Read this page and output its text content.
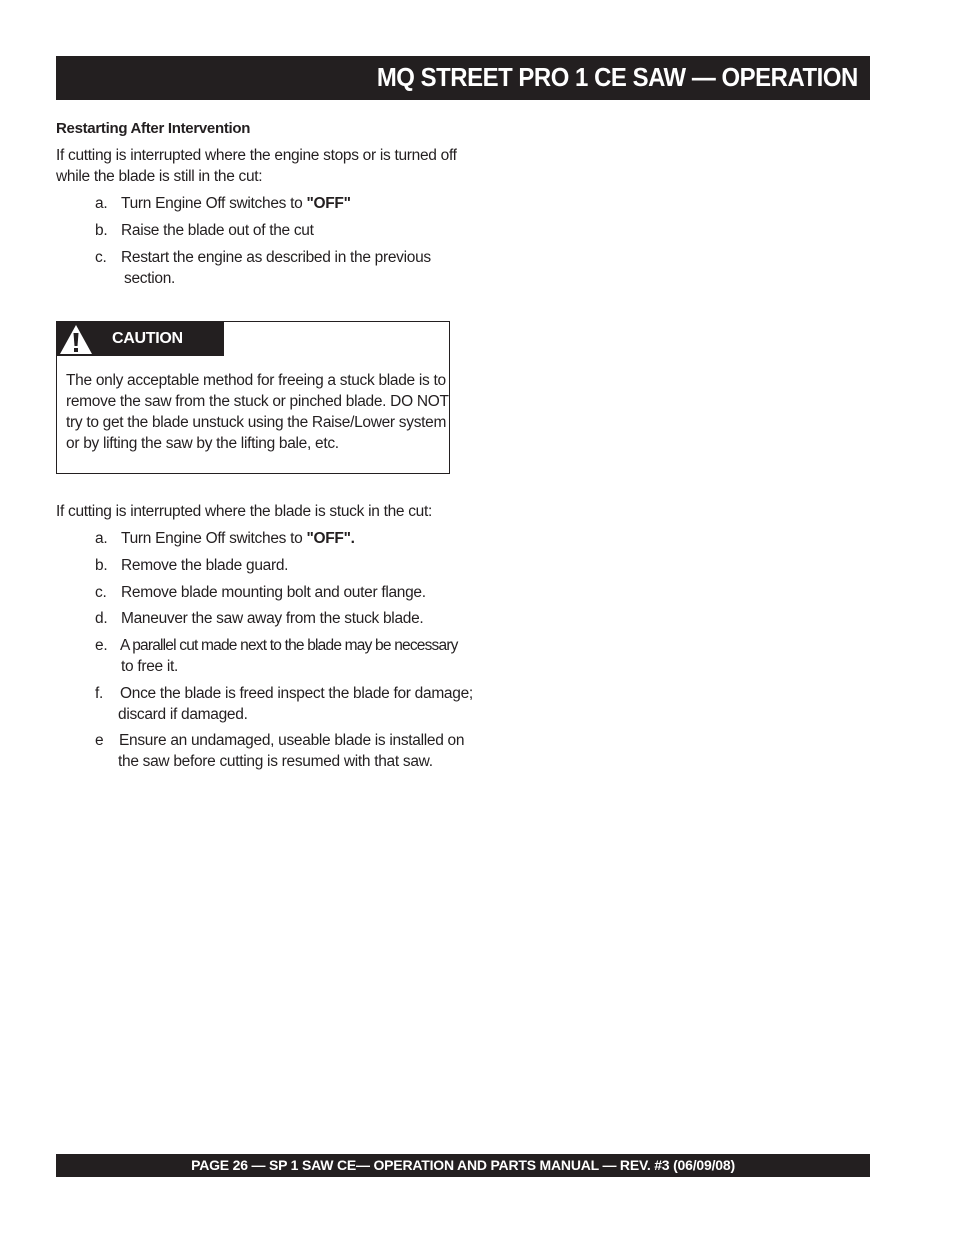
MQ STREET PRO 1 CE SAW — OPERATION
Restarting After Intervention
If cutting is interrupted where the engine stops or is turned off
while the blade is still in the cut:
a. Turn Engine Off switches to "OFF"
b. Raise the blade out of the cut
c. Restart the engine as described in the previous
section.
CAUTION
The only acceptable method for freeing a stuck blade is to
remove the saw from the stuck or pinched blade. DO NOT
try to get the blade unstuck using the Raise/Lower system
or by lifting the saw by the lifting bale, etc.
If cutting is interrupted where the blade is stuck in the cut:
a. Turn Engine Off switches to "OFF".
b. Remove the blade guard.
c. Remove blade mounting bolt and outer flange.
d. Maneuver the saw away from the stuck blade.
e. A parallel cut made next to the blade may be necessary
to free it.
f. Once the blade is freed inspect the blade for damage;
discard if damaged.
e Ensure an undamaged, useable blade is installed on
the saw before cutting is resumed with that saw.
PAGE 26 — SP 1 SAW CE— OPERATION AND PARTS MANUAL — REV. #3 (06/09/08)
